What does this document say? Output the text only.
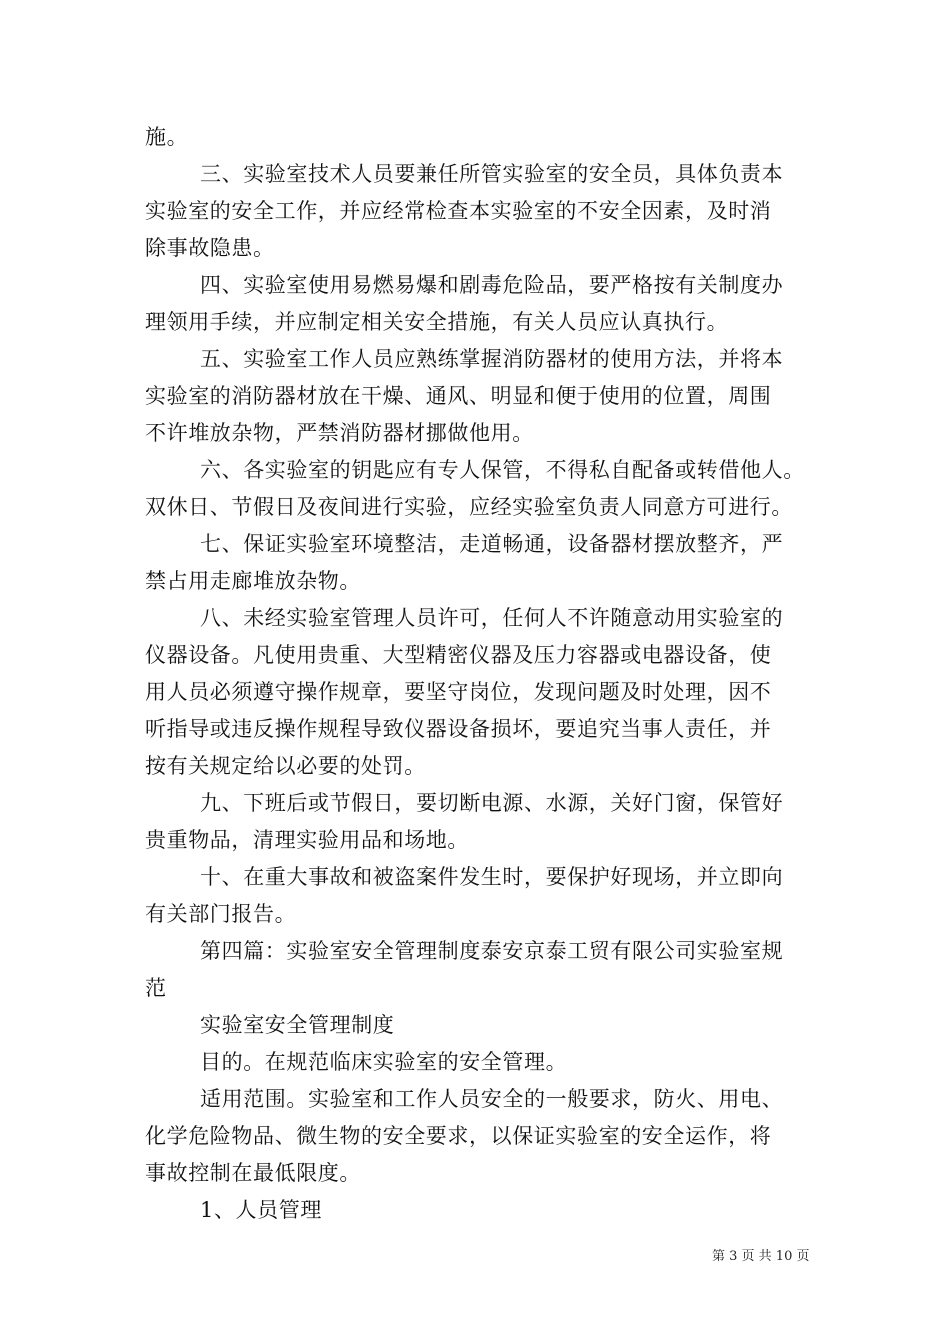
施。
三、实验室技术人员要兼任所管实验室的安全员，具体负责本
实验室的安全工作，并应经常检查本实验室的不安全因素，及时消
除事故隐患。
四、实验室使用易燃易爆和剧毒危险品，要严格按有关制度办
理领用手续，并应制定相关安全措施，有关人员应认真执行。
五、实验室工作人员应熟练掌握消防器材的使用方法，并将本
实验室的消防器材放在干燥、通风、明显和便于使用的位置，周围
不许堆放杂物，严禁消防器材挪做他用。
六、各实验室的钥匙应有专人保管，不得私自配备或转借他人。
双休日、节假日及夜间进行实验，应经实验室负责人同意方可进行。
七、保证实验室环境整洁，走道畅通，设备器材摆放整齐，严
禁占用走廊堆放杂物。
八、未经实验室管理人员许可，任何人不许随意动用实验室的
仪器设备。凡使用贵重、大型精密仪器及压力容器或电器设备，使
用人员必须遵守操作规章，要坚守岗位，发现问题及时处理，因不
听指导或违反操作规程导致仪器设备损坏，要追究当事人责任，并
按有关规定给以必要的处罚。
九、下班后或节假日，要切断电源、水源，关好门窗，保管好
贵重物品，清理实验用品和场地。
十、在重大事故和被盗案件发生时，要保护好现场，并立即向
有关部门报告。
第四篇：实验室安全管理制度泰安京泰工贸有限公司实验室规
范
实验室安全管理制度
目的。在规范临床实验室的安全管理。
适用范围。实验室和工作人员安全的一般要求，防火、用电、
化学危险物品、微生物的安全要求，以保证实验室的安全运作，将
事故控制在最低限度。
1、人员管理
第 3 页 共 10 页
